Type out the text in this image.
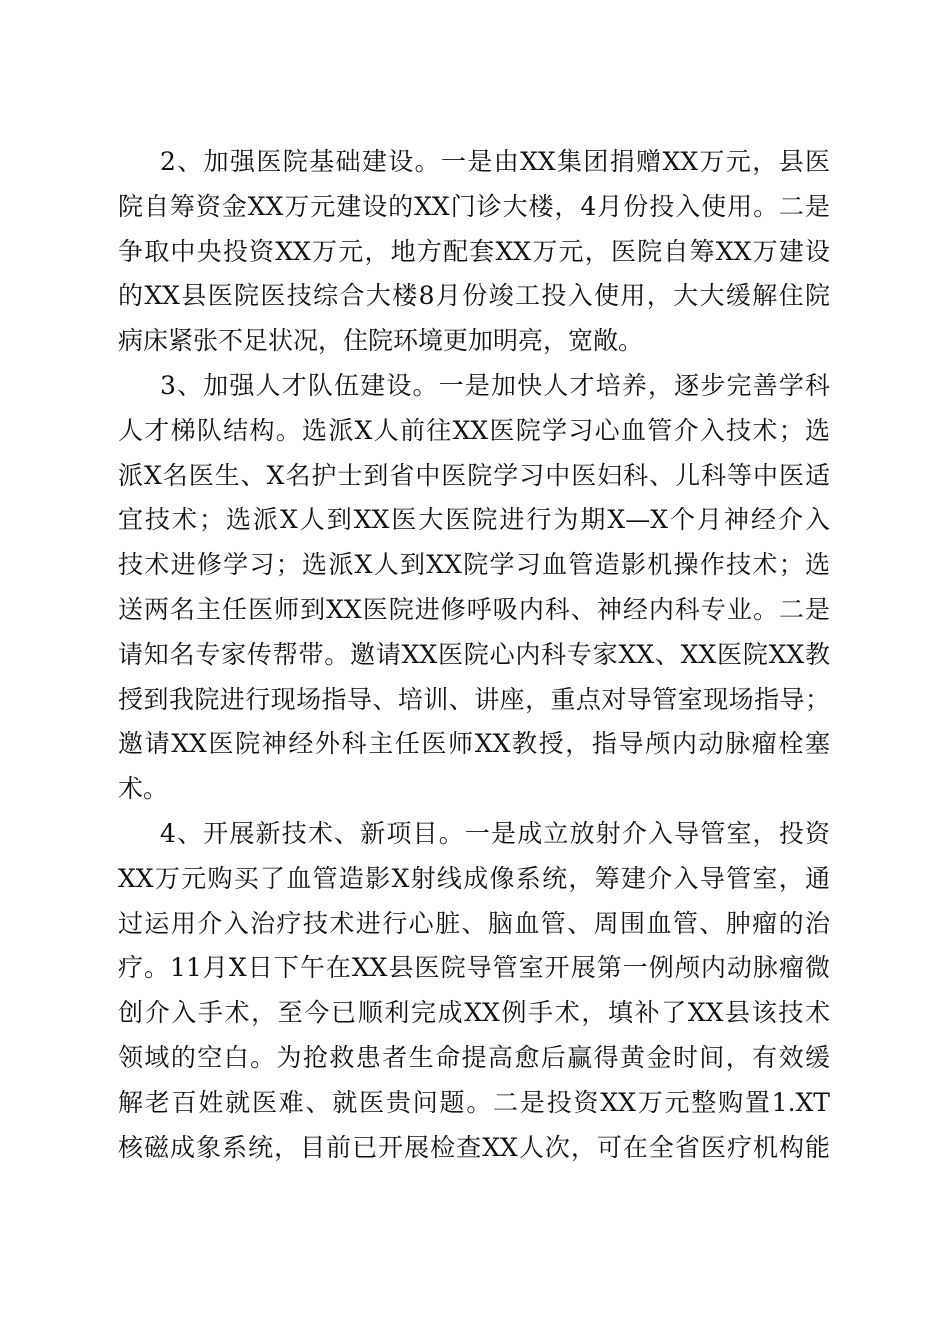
2、加强医院基础建设。一是由XX集团捐赠XX万元，县医
院自筹资金XX万元建设的XX门诊大楼，4月份投入使用。二是
争取中央投资XX万元，地方配套XX万元，医院自筹XX万建设
的XX县医院医技综合大楼8月份竣工投入使用，大大缓解住院
病床紧张不足状况，住院环境更加明亮，宽敞。
3、加强人才队伍建设。一是加快人才培养，逐步完善学科
人才梯队结构。选派X人前往XX医院学习心血管介入技术；选
派X名医生、X名护士到省中医院学习中医妇科、儿科等中医适
宜技术；选派X人到XX医大医院进行为期X—X个月神经介入
技术进修学习；选派X人到XX院学习血管造影机操作技术；选
送两名主任医师到XX医院进修呼吸内科、神经内科专业。二是
请知名专家传帮带。邀请XX医院心内科专家XX、XX医院XX教
授到我院进行现场指导、培训、讲座，重点对导管室现场指导；
邀请XX医院神经外科主任医师XX教授，指导颅内动脉瘤栓塞
术。
4、开展新技术、新项目。一是成立放射介入导管室，投资
XX万元购买了血管造影X射线成像系统，筹建介入导管室，通
过运用介入治疗技术进行心脏、脑血管、周围血管、肿瘤的治
疗。11月X日下午在XX县医院导管室开展第一例颅内动脉瘤微
创介入手术，至今已顺利完成XX例手术，填补了XX县该技术
领域的空白。为抢救患者生命提高愈后赢得黄金时间，有效缓
解老百姓就医难、就医贵问题。二是投资XX万元整购置1.XT
核磁成象系统，目前已开展检查XX人次，可在全省医疗机构能
